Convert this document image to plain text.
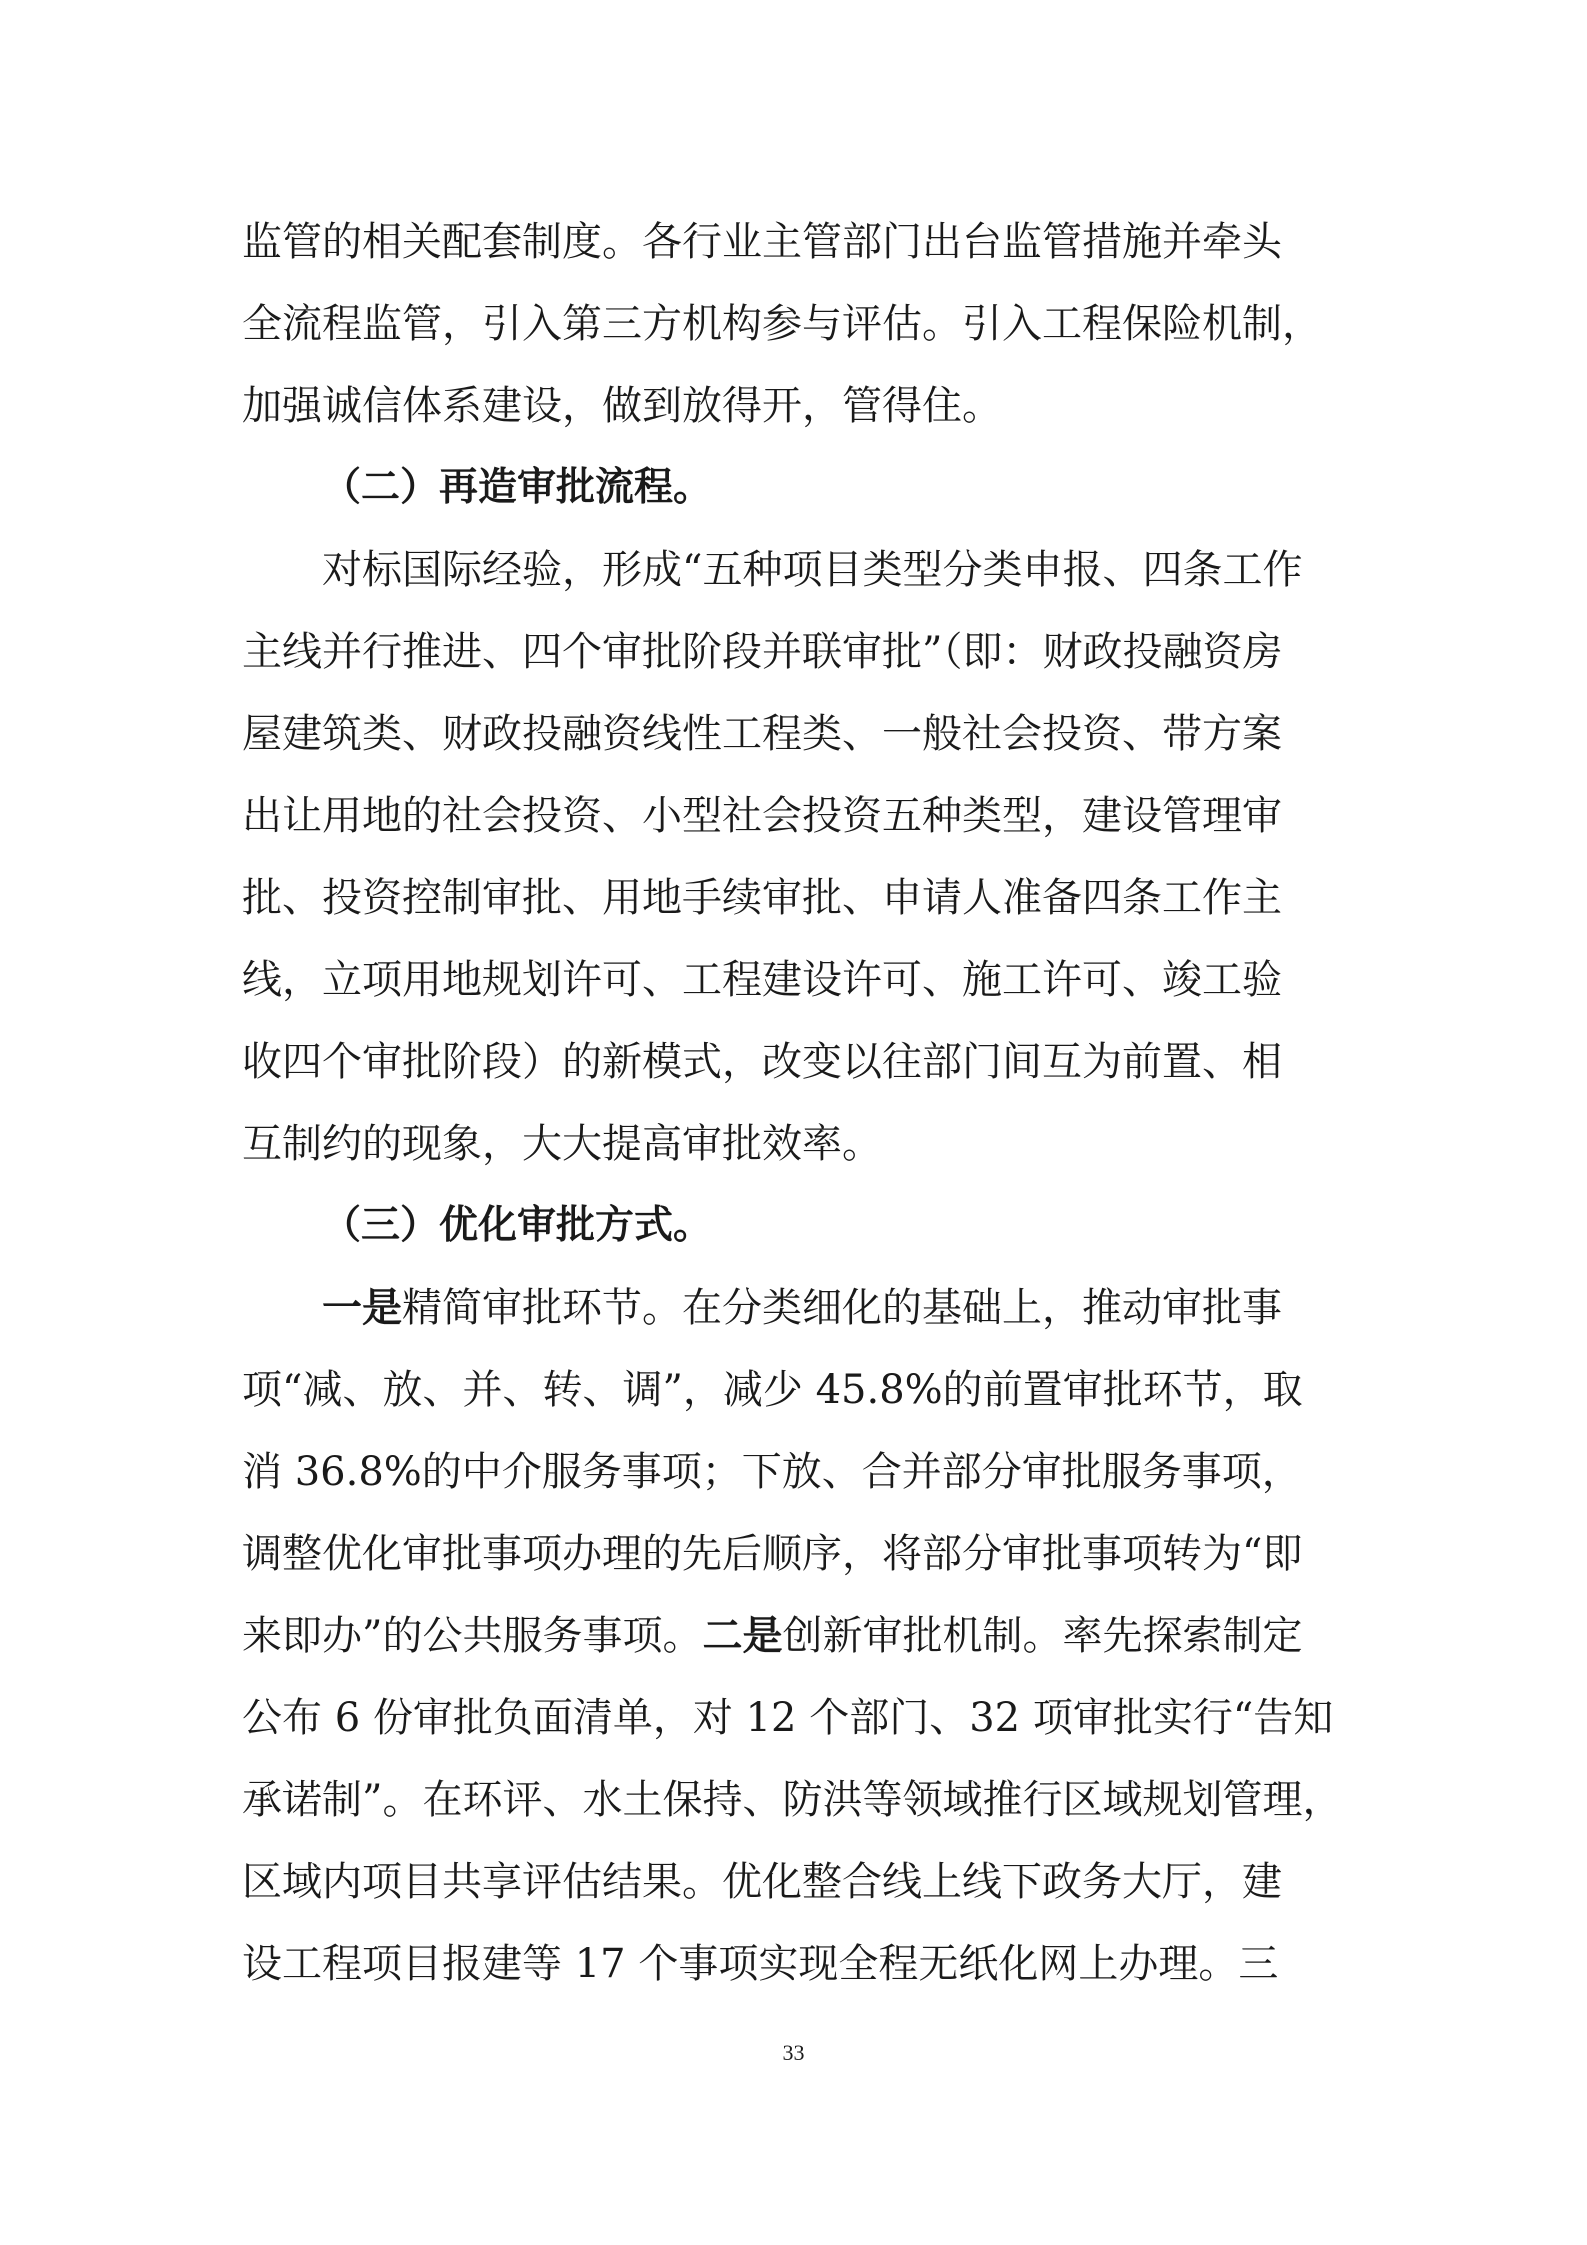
监管的相关配套制度。各行业主管部门出台监管措施并牵头
全流程监管，引入第三方机构参与评估。引入工程保险机制，
加强诚信体系建设，做到放得开，管得住。
（二）再造审批流程。
对标国际经验，形成“五种项目类型分类申报、四条工作
主线并行推进、四个审批阶段并联审批”（即：财政投融资房
屋建筑类、财政投融资线性工程类、一般社会投资、带方案
出让用地的社会投资、小型社会投资五种类型，建设管理审
批、投资控制审批、用地手续审批、申请人准备四条工作主
线，立项用地规划许可、工程建设许可、施工许可、竣工验
收四个审批阶段）的新模式，改变以往部门间互为前置、相
互制约的现象，大大提高审批效率。
（三）优化审批方式。
一是精简审批环节。在分类细化的基础上，推动审批事
项“减、放、并、转、调”，减少 45.8%的前置审批环节，取
消 36.8%的中介服务事项；下放、合并部分审批服务事项，
调整优化审批事项办理的先后顺序，将部分审批事项转为“即
来即办”的公共服务事项。二是创新审批机制。率先探索制定
公布 6 份审批负面清单，对 12 个部门、32 项审批实行“告知
承诺制”。在环评、水土保持、防洪等领域推行区域规划管理，
区域内项目共享评估结果。优化整合线上线下政务大厅，建
设工程项目报建等 17 个事项实现全程无纸化网上办理。三
33
